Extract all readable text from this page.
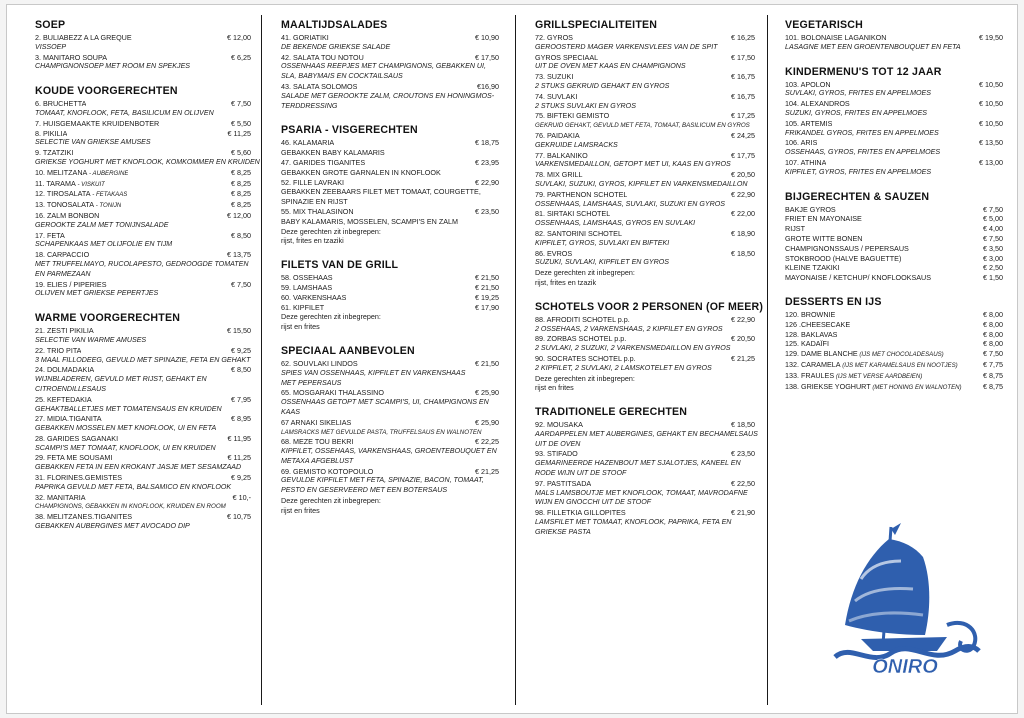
SOEP
2. BULIABEZZ A LA GREQUE	€ 12,00
VISSOEP
3. MANITARO SOUPA	€ 6,25
CHAMPIGNONSOEP MET ROOM EN SPEKJES
KOUDE VOORGERECHTEN
6. BRUCHETTA	€ 7,50
TOMAAT, KNOFLOOK, FETA, BASILICUM EN OLIJVEN
7. HUISGEMAAKTE KRUIDENBOTER	€ 5,50
8. PIKILIA	€ 11,25
SELECTIE VAN GRIEKSE AMUSES
9. TZATZIKI	€ 5,60
GRIEKSE YOGHURT MET KNOFLOOK, KOMKOMMER EN KRUIDEN
10. MELITZANA - AUBERGINE	€ 8,25
11. TARAMA - VISKUIT	€ 8,25
12. TIROSALATA - FETAKAAS	€ 8,25
13. TONOSALATA - TONIJN	€ 8,25
16. ZALM BONBON	€ 12,00
GEROOKTE ZALM MET TONIJNSALADE
17. FETA	€ 8,50
SCHAPENKAAS MET OLIJFOLIE EN TIJM
18. CARPACCIO	€ 13,75
MET TRUFFELMAYO, RUCOLAPESTO, GEDROOGDE TOMATEN
EN PARMEZAAN
19. ELIES / PIPERIES	€ 7,50
OLIJVEN MET GRIEKSE PEPERTJES
WARME VOORGERECHTEN
21. ZESTI PIKILIA	€ 15,50
SELECTIE VAN WARME AMUSES
22. TRIO PITA	€ 9,25
3 MAAL FILLODEEG, GEVULD MET SPINAZIE, FETA EN GEHAKT
24. DOLMADAKIA	€ 8,50
WIJNBLADEREN, GEVULD MET RIJST, GEHAKT EN
CITROENDILLESAUS
25. KEFTEDAKIA	€ 7,95
GEHAKTBALLETJES MET TOMATENSAUS EN KRUIDEN
27. MIDIA.TIGANITA	€ 8,95
GEBAKKEN MOSSELEN MET KNOFLOOK, UI EN FETA
28. GARIDES SAGANAKI	€ 11,95
SCAMPI'S MET TOMAAT, KNOFLOOK, UI EN KRUIDEN
29. FETA ME SOUSAMI	€ 11,25
GEBAKKEN FETA IN EEN KROKANT JASJE MET SESAMZAAD
31. FLORINES.GEMISTES	€ 9,25
PAPRIKA GEVULD MET FETA, BALSAMICO EN KNOFLOOK
32. MANITARIA	€ 10,-
CHAMPIGNONS, GEBAKKEN IN KNOFLOOK, KRUIDEN EN ROOM
38. MELITZANES.TIGANITES	€ 10,75
GEBAKKEN AUBERGINES MET AVOCADO DIP
MAALTIJDSALADES
41. GORIATIKI	€ 10,90
DE BEKENDE GRIEKSE SALADE
42. SALATA TOU NOTOU	€ 17,50
OSSENHAAS REEPJES MET CHAMPIGNONS, GEBAKKEN UI,
SLA, BABYMAIS EN COCKTAILSAUS
43. SALATA SOLOMOS	€16,90
SALADE MET GEROOKTE ZALM, CROUTONS EN HONINGMOS-
TERDDRESSING
PSARIA - VISGERECHTEN
46. KALAMARIA	€ 18,75
GEBAKKEN BABY KALAMARIS
47. GARIDES TIGANITES	€ 23,95
GEBAKKEN GROTE GARNALEN IN KNOFLOOK
52. FILLE LAVRAKI	€ 22,90
GEBAKKEN ZEEBAARS FILET MET TOMAAT, COURGETTE,
SPINAZIE EN RIJST
55. MIX THALASINON	€ 23,50
BABY KALAMARIS, MOSSELEN, SCAMPI'S EN ZALM
Deze gerechten zit inbegrepen:
rijst, frites en tzaziki
FILETS VAN DE GRILL
58. OSSEHAAS	€ 21,50
59. LAMSHAAS	€ 21,50
60. VARKENSHAAS	€ 19,25
61. KIPFILET	€ 17,90
Deze gerechten zit inbegrepen:
rijst en frites
SPECIAAL AANBEVOLEN
62. SOUVLAKI LINDOS	€ 21,50
SPIES VAN OSSENHAAS, KIPFILET EN VARKENSHAAS
MET PEPERSAUS
65. MOSGARAKI THALASSINO	€ 25,90
OSSENHAAS GETOPT MET SCAMPI'S, UI, CHAMPIGNONS EN
KAAS
67 ARNAKI SIKELIAS	€ 25,90
LAMSRACKS MET GEVULDE PASTA, TRUFFELSAUS EN WALNOTEN
68. MEZE TOU BEKRI	€ 22,25
KIPFILET, OSSEHAAS, VARKENSHAAS, GROENTEBOUQUET EN
METAXA AFGEBLUST
69. GEMISTO KOTOPOULO	€ 21,25
GEVULDE KIPFILET MET FETA, SPINAZIE, BACON, TOMAAT,
PESTO EN GESERVEERD MET EEN BOTERSAUS
Deze gerechten zit inbegrepen:
rijst en frites
GRILLSPECIALITEITEN
72. GYROS	€ 16,25
GEROOSTERD MAGER VARKENSVLEES VAN DE SPIT
GYROS SPECIAAL	€ 17,50
UIT DE OVEN MET KAAS EN CHAMPIGNONS
73. SUZUKI	€ 16,75
2 STUKS GEKRUID GEHAKT EN GYROS
74. SUVLAKI	€ 16,75
2 STUKS SUVLAKI EN GYROS
75. BIFTEKI GEMISTO	€ 17,25
GEKRUID GEHAKT, GEVULD MET FETA, TOMAAT, BASILICUM EN GYROS
76. PAIDAKIA	€ 24,25
GEKRUIDE LAMSRACKS
77. BALKANIKO	€ 17,75
VARKENSMEDAILLON, GETOPT MET UI, KAAS EN GYROS
78. MIX GRILL	€ 20,50
SUVLAKI, SUZUKI, GYROS, KIPFILET EN VARKENSMEDAILLON
79. PARTHENON SCHOTEL	€ 22,90
OSSENHAAS, LAMSHAAS, SUVLAKI, SUZUKI EN GYROS
81. SIRTAKI SCHOTEL	€ 22,00
OSSENHAAS, LAMSHAAS, GYROS EN SUVLAKI
82. SANTORINI SCHOTEL	€ 18,90
KIPFILET, GYROS, SUVLAKI EN BIFTEKI
86. EVROS	€ 18,50
SUZUKI, SUVLAKI, KIPFILET EN GYROS
Deze gerechten zit inbegrepen:
rijst, frites en tzazik
SCHOTELS VOOR 2 PERSONEN (OF MEER)
88. AFRODITI SCHOTEL p.p.	€ 22,90
2 OSSEHAAS, 2 VARKENSHAAS, 2 KIPFILET EN GYROS
89. ZORBAS SCHOTEL p.p.	€ 20,50
2 SUVLAKI, 2 SUZUKI, 2 VARKENSMEDAILLON EN GYROS
90. SOCRATES SCHOTEL p.p.	€ 21,25
2 KIPFILET, 2 SUVLAKI, 2 LAMSKOTELET EN GYROS
Deze gerechten zit inbegrepen:
rijst en frites
TRADITIONELE GERECHTEN
92. MOUSAKA	€ 18,50
AARDAPPELEN MET AUBERGINES, GEHAKT EN BECHAMELSAUS
UIT DE OVEN
93. STIFADO	€ 23,50
GEMARINEERDE HAZENBOUT MET SJALOTJES, KANEEL EN
RODE WIJN UIT DE STOOF
97. PASTITSADA	€ 22,50
MALS LAMSBOUTJE MET KNOFLOOK, TOMAAT, MAVRODAFNE
WIJN EN GNOCCHI UIT DE STOOF
98. FILLETKIA GILLOPITES	€ 21,90
LAMSFILET MET TOMAAT, KNOFLOOK, PAPRIKA, FETA EN
GRIEKSE PASTA
VEGETARISCH
101. BOLONAISE LAGANIKON	€ 19,50
LASAGNE MET EEN GROENTENBOUQUET EN FETA
KINDERMENU'S TOT 12 JAAR
103. APOLON	€ 10,50
SUVLAKI, GYROS, FRITES EN APPELMOES
104. ALEXANDROS	€ 10,50
SUZUKI, GYROS, FRITES EN APPELMOES
105. ARTEMIS	€ 10,50
FRIKANDEL GYROS, FRITES EN APPELMOES
106. ARIS	€ 13,50
OSSEHAAS, GYROS, FRITES EN APPELMOES
107. ATHINA	€ 13,00
KIPFILET, GYROS, FRITES EN APPELMOES
BIJGERECHTEN & SAUZEN
BAKJE GYROS	€ 7,50
FRIET EN MAYONAISE	€ 5,00
RIJST	€ 4,00
GROTE WITTE BONEN	€ 7,50
CHAMPIGNONSSAUS / PEPERSAUS	€ 3,50
STOKBROOD (HALVE BAGUETTE)	€ 3,00
KLEINE TZAKIKI	€ 2,50
MAYONAISE / KETCHUP/ KNOFLOOKSAUS	€ 1,50
DESSERTS EN IJS
120. BROWNIE	€ 8,00
126 .CHEESECAKE	€ 8,00
128. BAKLAVAS	€ 8,00
125. KADAÏFI	€ 8,00
129. DAME BLANCHE (IJS MET CHOCOLADESAUS)	€ 7,50
132. CARAMELA (IJS MET KARAMELSAUS EN NOOTJES)	€ 7,75
133. FRAULES (IJS MET VERSE AARDBEIEN)	€ 8,75
138. GRIEKSE YOGHURT (MET HONING EN WALNOTEN)	€ 8,75
ONIRO
